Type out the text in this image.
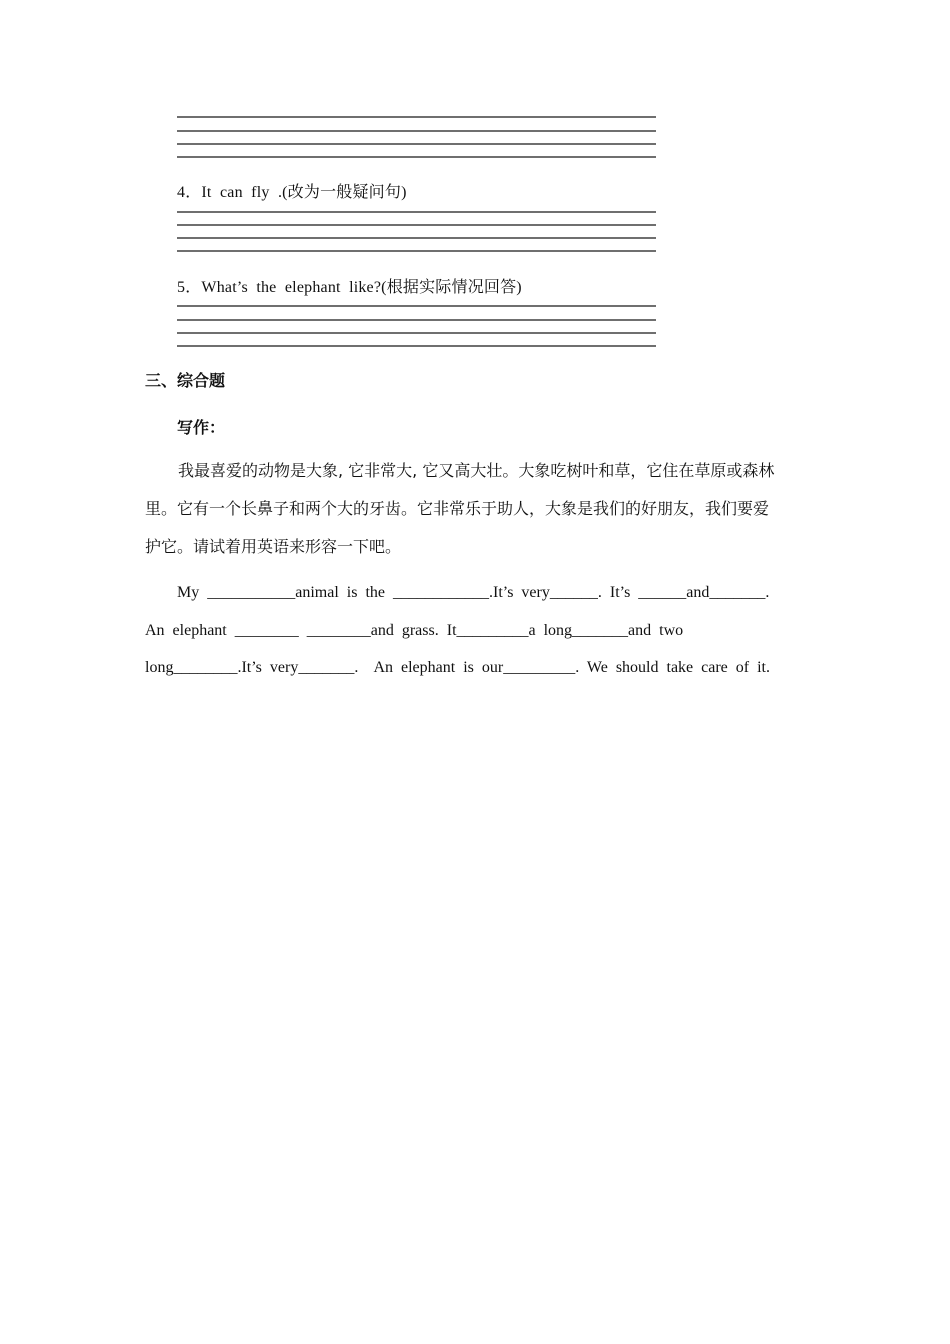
4．It  can  fly  .(改为一般疑问句)
5．What’s  the  elephant  like?(根据实际情况回答)
三、综合题
写作：
我最喜爱的动物是大象, 它非常大, 它又高大壮。大象吃树叶和草，它住在草原或森林
里。它有一个长鼻子和两个大的牙齿。它非常乐于助人，大象是我们的好朋友，我们要爱
护它。请试着用英语来形容一下吧。
My  ___________animal  is  the  ____________.It’s  very______.  It’s  ______and_______.
An  elephant  ________  ________and  grass.  It_________a  long_______and  two
long________.It’s  very_______.    An  elephant  is  our_________.  We  should  take  care  of  it.
